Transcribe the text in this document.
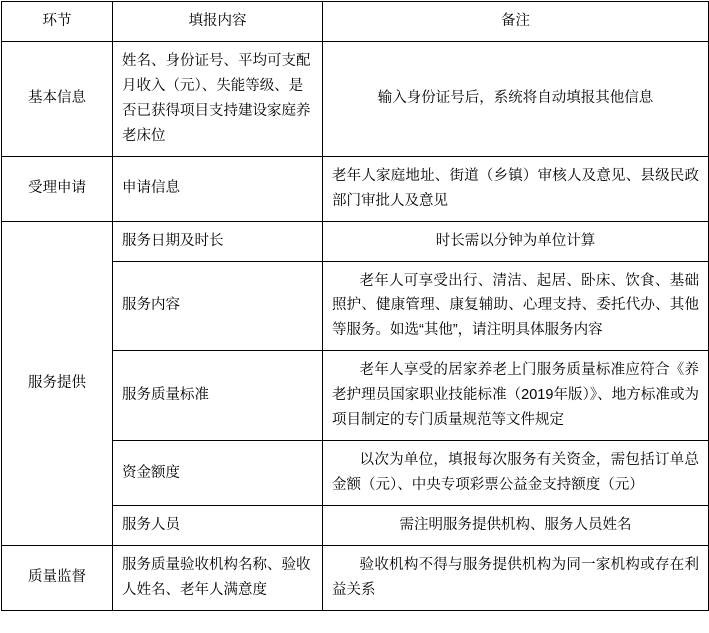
环节	填报内容	备注
基本信息	姓名、身份证号、平均可支配月收入（元）、失能等级、是否已获得项目支持建设家庭养老床位	输入身份证号后，系统将自动填报其他信息
受理申请	申请信息	老年人家庭地址、街道（乡镇）审核人及意见、县级民政部门审批人及意见
服务提供	服务日期及时长	时长需以分钟为单位计算
	服务内容	老年人可享受出行、清洁、起居、卧床、饮食、基础照护、健康管理、康复辅助、心理支持、委托代办、其他等服务。如选“其他”，请注明具体服务内容
	服务质量标准	老年人享受的居家养老上门服务质量标准应符合《养老护理员国家职业技能标准（2019年版）》、地方标准或为项目制定的专门质量规范等文件规定
	资金额度	以次为单位，填报每次服务有关资金，需包括订单总金额（元）、中央专项彩票公益金支持额度（元）
	服务人员	需注明服务提供机构、服务人员姓名
质量监督	服务质量验收机构名称、验收人姓名、老年人满意度	验收机构不得与服务提供机构为同一家机构或存在利益关系
